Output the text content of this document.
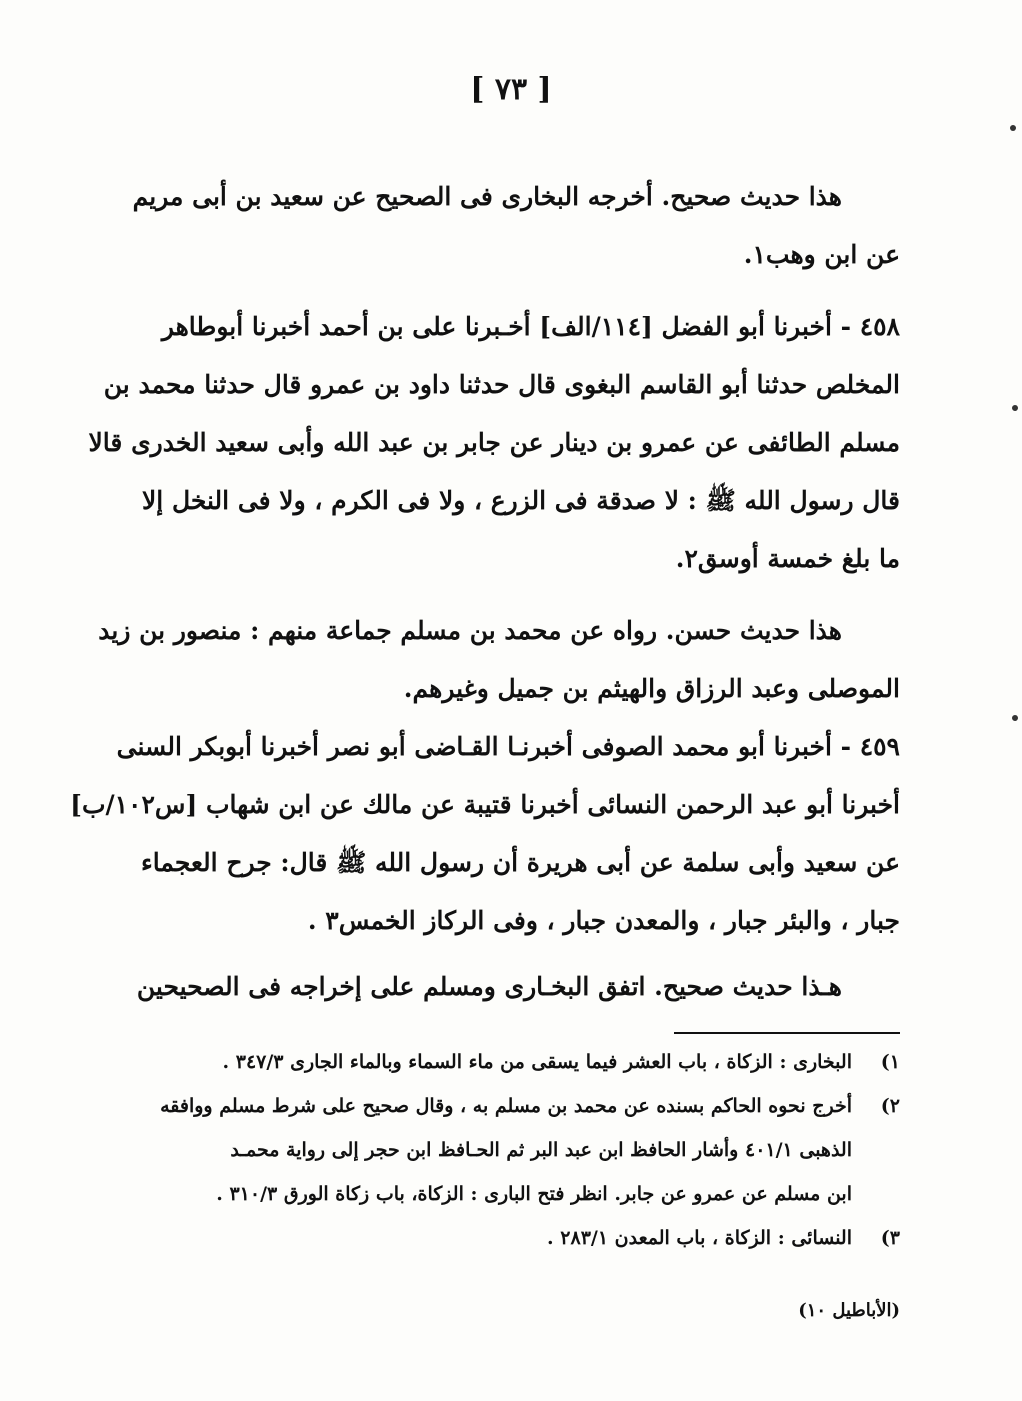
[ ٧٣ ]
هذا حديث صحيح. أخرجه البخارى فى الصحيح عن سعيد بن أبى مريم
عن ابن وهب١.
٤٥٨ - أخبرنا أبو الفضل [١١٤/الف] أخـبرنا على بن أحمد أخبرنا أبوطاهر
المخلص حدثنا أبو القاسم البغوى قال حدثنا داود بن عمرو قال حدثنا محمد بن
مسلم الطائفى عن عمرو بن دينار عن جابر بن عبد الله وأبى سعيد الخدرى قالا
قال رسول الله ﷺ : لا صدقة فى الزرع ، ولا فى الكرم ، ولا فى النخل إلا
ما بلغ خمسة أوسق٢.
هذا حديث حسن. رواه عن محمد بن مسلم جماعة منهم : منصور بن زيد
الموصلى وعبد الرزاق والهيثم بن جميل وغيرهم.
٤٥٩ - أخبرنا أبو محمد الصوفى أخبرنـا القـاضى أبو نصر أخبرنا أبوبكر السنى
أخبرنا أبو عبد الرحمن النسائى أخبرنا قتيبة عن مالك عن ابن شهاب [س١٠٢/ب]
عن سعيد وأبى سلمة عن أبى هريرة أن رسول الله ﷺ قال: جرح العجماء
جبار ، والبئر جبار ، والمعدن جبار ، وفى الركاز الخمس٣ .
هـذا حديث صحيح. اتفق البخـارى ومسلم على إخراجه فى الصحيحين
١)البخارى : الزكاة ، باب العشر فيما يسقى من ماء السماء وبالماء الجارى ٣٤٧/٣ .
٢)أخرج نحوه الحاكم بسنده عن محمد بن مسلم به ، وقال صحيح على شرط مسلم ووافقه
الذهبى ٤٠١/١ وأشار الحافظ ابن عبد البر ثم الحـافظ ابن حجر إلى رواية محمـد
ابن مسلم عن عمرو عن جابر. انظر فتح البارى : الزكاة، باب زكاة الورق ٣١٠/٣ .
٣)النسائى : الزكاة ، باب المعدن ٢٨٣/١ .
(الأباطيل ١٠)
